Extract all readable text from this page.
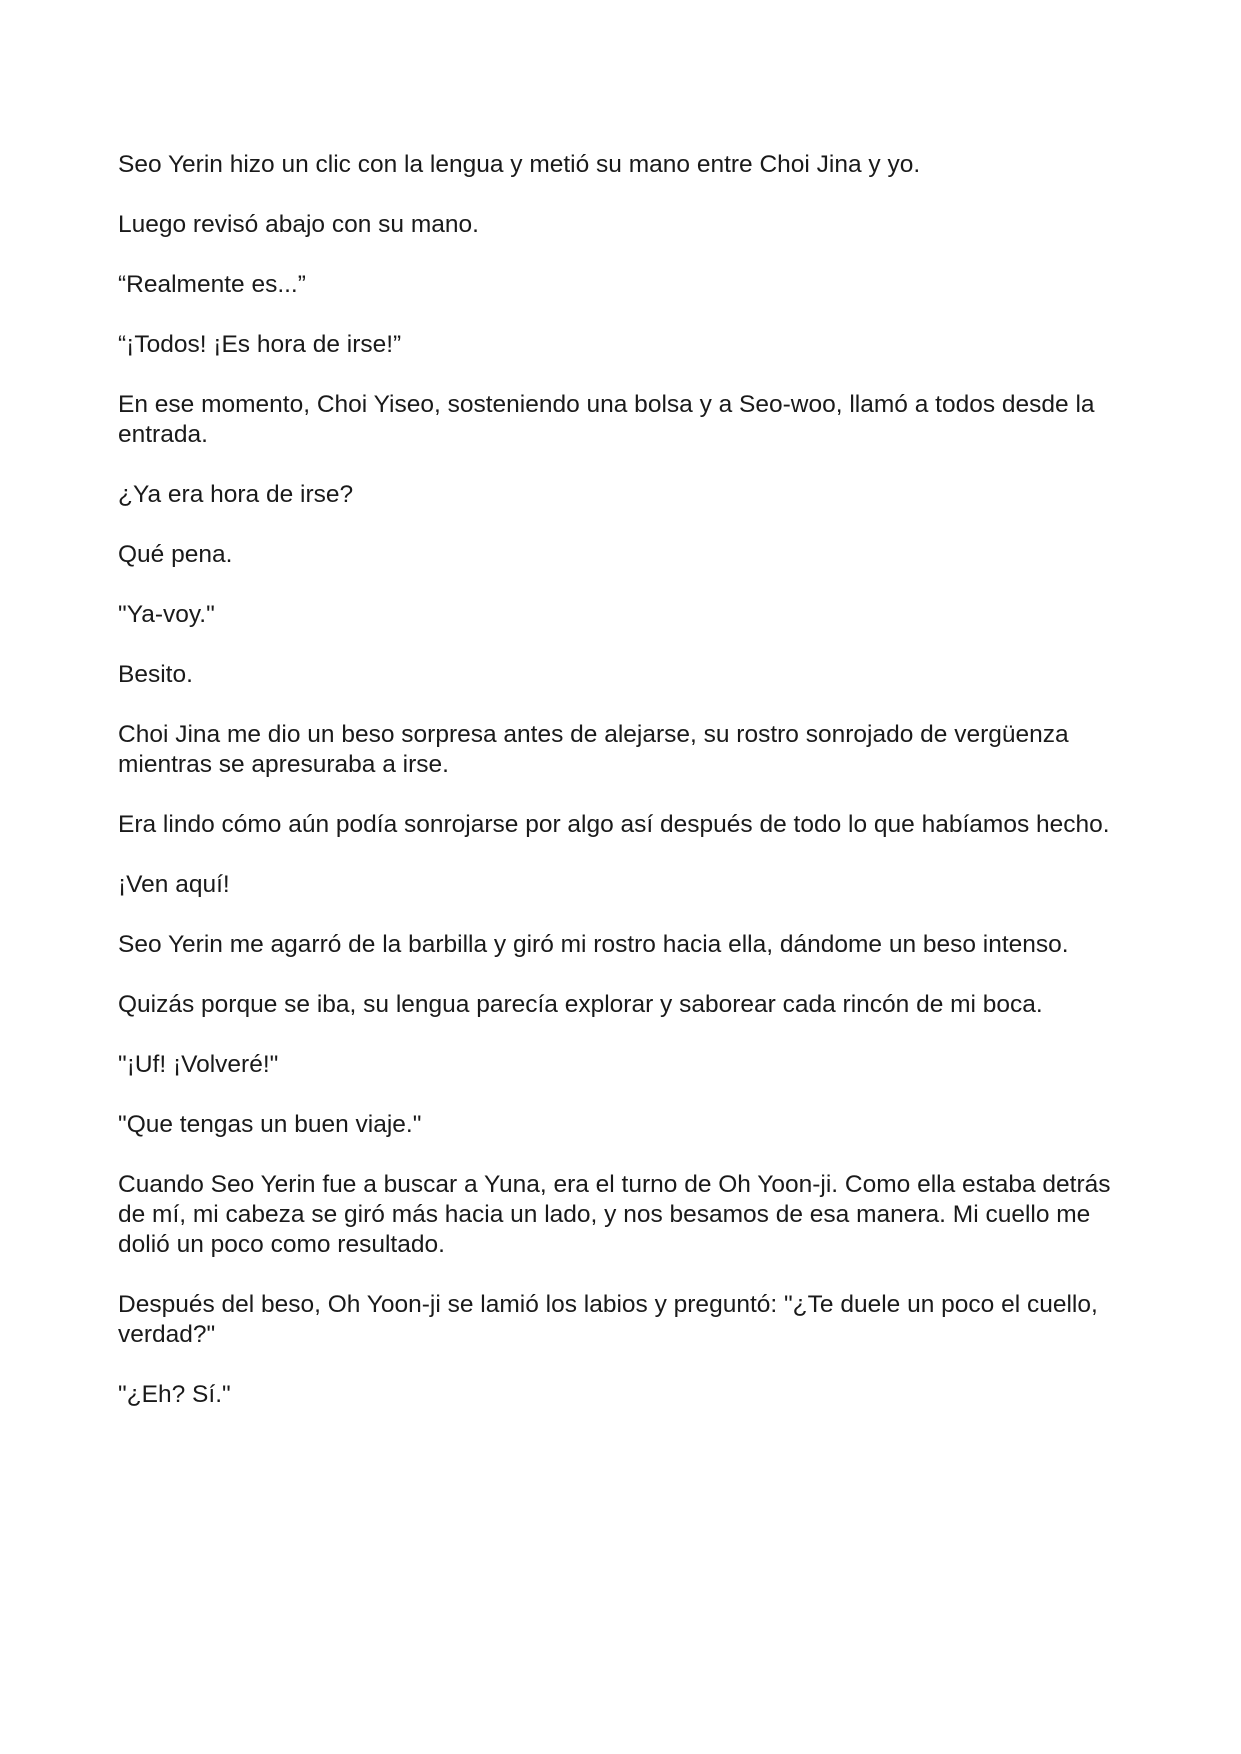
Seo Yerin hizo un clic con la lengua y metió su mano entre Choi Jina y yo.

Luego revisó abajo con su mano.

“Realmente es...”

“¡Todos! ¡Es hora de irse!”

En ese momento, Choi Yiseo, sosteniendo una bolsa y a Seo-woo, llamó a todos desde la entrada.

¿Ya era hora de irse?

Qué pena.

"Ya-voy."

Besito.

Choi Jina me dio un beso sorpresa antes de alejarse, su rostro sonrojado de vergüenza mientras se apresuraba a irse.

Era lindo cómo aún podía sonrojarse por algo así después de todo lo que habíamos hecho.

¡Ven aquí!

Seo Yerin me agarró de la barbilla y giró mi rostro hacia ella, dándome un beso intenso.

Quizás porque se iba, su lengua parecía explorar y saborear cada rincón de mi boca.

"¡Uf! ¡Volveré!"

"Que tengas un buen viaje."

Cuando Seo Yerin fue a buscar a Yuna, era el turno de Oh Yoon-ji. Como ella estaba detrás de mí, mi cabeza se giró más hacia un lado, y nos besamos de esa manera. Mi cuello me dolió un poco como resultado.

Después del beso, Oh Yoon-ji se lamió los labios y preguntó: "¿Te duele un poco el cuello, verdad?"

"¿Eh? Sí."
